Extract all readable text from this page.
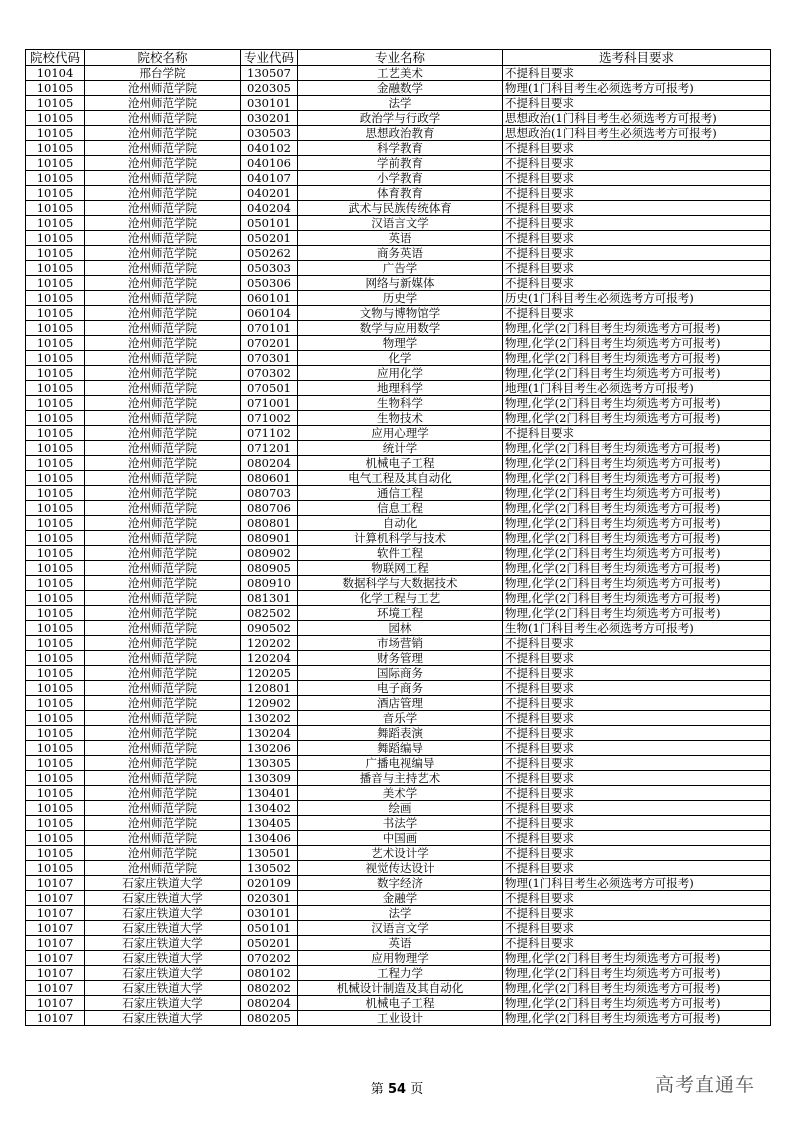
院校代码	院校名称	专业代码	专业名称	选考科目要求
10104	邢台学院	130507	工艺美术	不提科目要求
10105	沧州师范学院	020305	金融数学	物理(1门科目考生必须选考方可报考)
10105	沧州师范学院	030101	法学	不提科目要求
10105	沧州师范学院	030201	政治学与行政学	思想政治(1门科目考生必须选考方可报考)
10105	沧州师范学院	030503	思想政治教育	思想政治(1门科目考生必须选考方可报考)
10105	沧州师范学院	040102	科学教育	不提科目要求
10105	沧州师范学院	040106	学前教育	不提科目要求
10105	沧州师范学院	040107	小学教育	不提科目要求
10105	沧州师范学院	040201	体育教育	不提科目要求
10105	沧州师范学院	040204	武术与民族传统体育	不提科目要求
10105	沧州师范学院	050101	汉语言文学	不提科目要求
10105	沧州师范学院	050201	英语	不提科目要求
10105	沧州师范学院	050262	商务英语	不提科目要求
10105	沧州师范学院	050303	广告学	不提科目要求
10105	沧州师范学院	050306	网络与新媒体	不提科目要求
10105	沧州师范学院	060101	历史学	历史(1门科目考生必须选考方可报考)
10105	沧州师范学院	060104	文物与博物馆学	不提科目要求
10105	沧州师范学院	070101	数学与应用数学	物理,化学(2门科目考生均须选考方可报考)
10105	沧州师范学院	070201	物理学	物理,化学(2门科目考生均须选考方可报考)
10105	沧州师范学院	070301	化学	物理,化学(2门科目考生均须选考方可报考)
10105	沧州师范学院	070302	应用化学	物理,化学(2门科目考生均须选考方可报考)
10105	沧州师范学院	070501	地理科学	地理(1门科目考生必须选考方可报考)
10105	沧州师范学院	071001	生物科学	物理,化学(2门科目考生均须选考方可报考)
10105	沧州师范学院	071002	生物技术	物理,化学(2门科目考生均须选考方可报考)
10105	沧州师范学院	071102	应用心理学	不提科目要求
10105	沧州师范学院	071201	统计学	物理,化学(2门科目考生均须选考方可报考)
10105	沧州师范学院	080204	机械电子工程	物理,化学(2门科目考生均须选考方可报考)
10105	沧州师范学院	080601	电气工程及其自动化	物理,化学(2门科目考生均须选考方可报考)
10105	沧州师范学院	080703	通信工程	物理,化学(2门科目考生均须选考方可报考)
10105	沧州师范学院	080706	信息工程	物理,化学(2门科目考生均须选考方可报考)
10105	沧州师范学院	080801	自动化	物理,化学(2门科目考生均须选考方可报考)
10105	沧州师范学院	080901	计算机科学与技术	物理,化学(2门科目考生均须选考方可报考)
10105	沧州师范学院	080902	软件工程	物理,化学(2门科目考生均须选考方可报考)
10105	沧州师范学院	080905	物联网工程	物理,化学(2门科目考生均须选考方可报考)
10105	沧州师范学院	080910	数据科学与大数据技术	物理,化学(2门科目考生均须选考方可报考)
10105	沧州师范学院	081301	化学工程与工艺	物理,化学(2门科目考生均须选考方可报考)
10105	沧州师范学院	082502	环境工程	物理,化学(2门科目考生均须选考方可报考)
10105	沧州师范学院	090502	园林	生物(1门科目考生必须选考方可报考)
10105	沧州师范学院	120202	市场营销	不提科目要求
10105	沧州师范学院	120204	财务管理	不提科目要求
10105	沧州师范学院	120205	国际商务	不提科目要求
10105	沧州师范学院	120801	电子商务	不提科目要求
10105	沧州师范学院	120902	酒店管理	不提科目要求
10105	沧州师范学院	130202	音乐学	不提科目要求
10105	沧州师范学院	130204	舞蹈表演	不提科目要求
10105	沧州师范学院	130206	舞蹈编导	不提科目要求
10105	沧州师范学院	130305	广播电视编导	不提科目要求
10105	沧州师范学院	130309	播音与主持艺术	不提科目要求
10105	沧州师范学院	130401	美术学	不提科目要求
10105	沧州师范学院	130402	绘画	不提科目要求
10105	沧州师范学院	130405	书法学	不提科目要求
10105	沧州师范学院	130406	中国画	不提科目要求
10105	沧州师范学院	130501	艺术设计学	不提科目要求
10105	沧州师范学院	130502	视觉传达设计	不提科目要求
10107	石家庄铁道大学	020109	数字经济	物理(1门科目考生必须选考方可报考)
10107	石家庄铁道大学	020301	金融学	不提科目要求
10107	石家庄铁道大学	030101	法学	不提科目要求
10107	石家庄铁道大学	050101	汉语言文学	不提科目要求
10107	石家庄铁道大学	050201	英语	不提科目要求
10107	石家庄铁道大学	070202	应用物理学	物理,化学(2门科目考生均须选考方可报考)
10107	石家庄铁道大学	080102	工程力学	物理,化学(2门科目考生均须选考方可报考)
10107	石家庄铁道大学	080202	机械设计制造及其自动化	物理,化学(2门科目考生均须选考方可报考)
10107	石家庄铁道大学	080204	机械电子工程	物理,化学(2门科目考生均须选考方可报考)
10107	石家庄铁道大学	080205	工业设计	物理,化学(2门科目考生均须选考方可报考)
第 54 页	高考直通车
